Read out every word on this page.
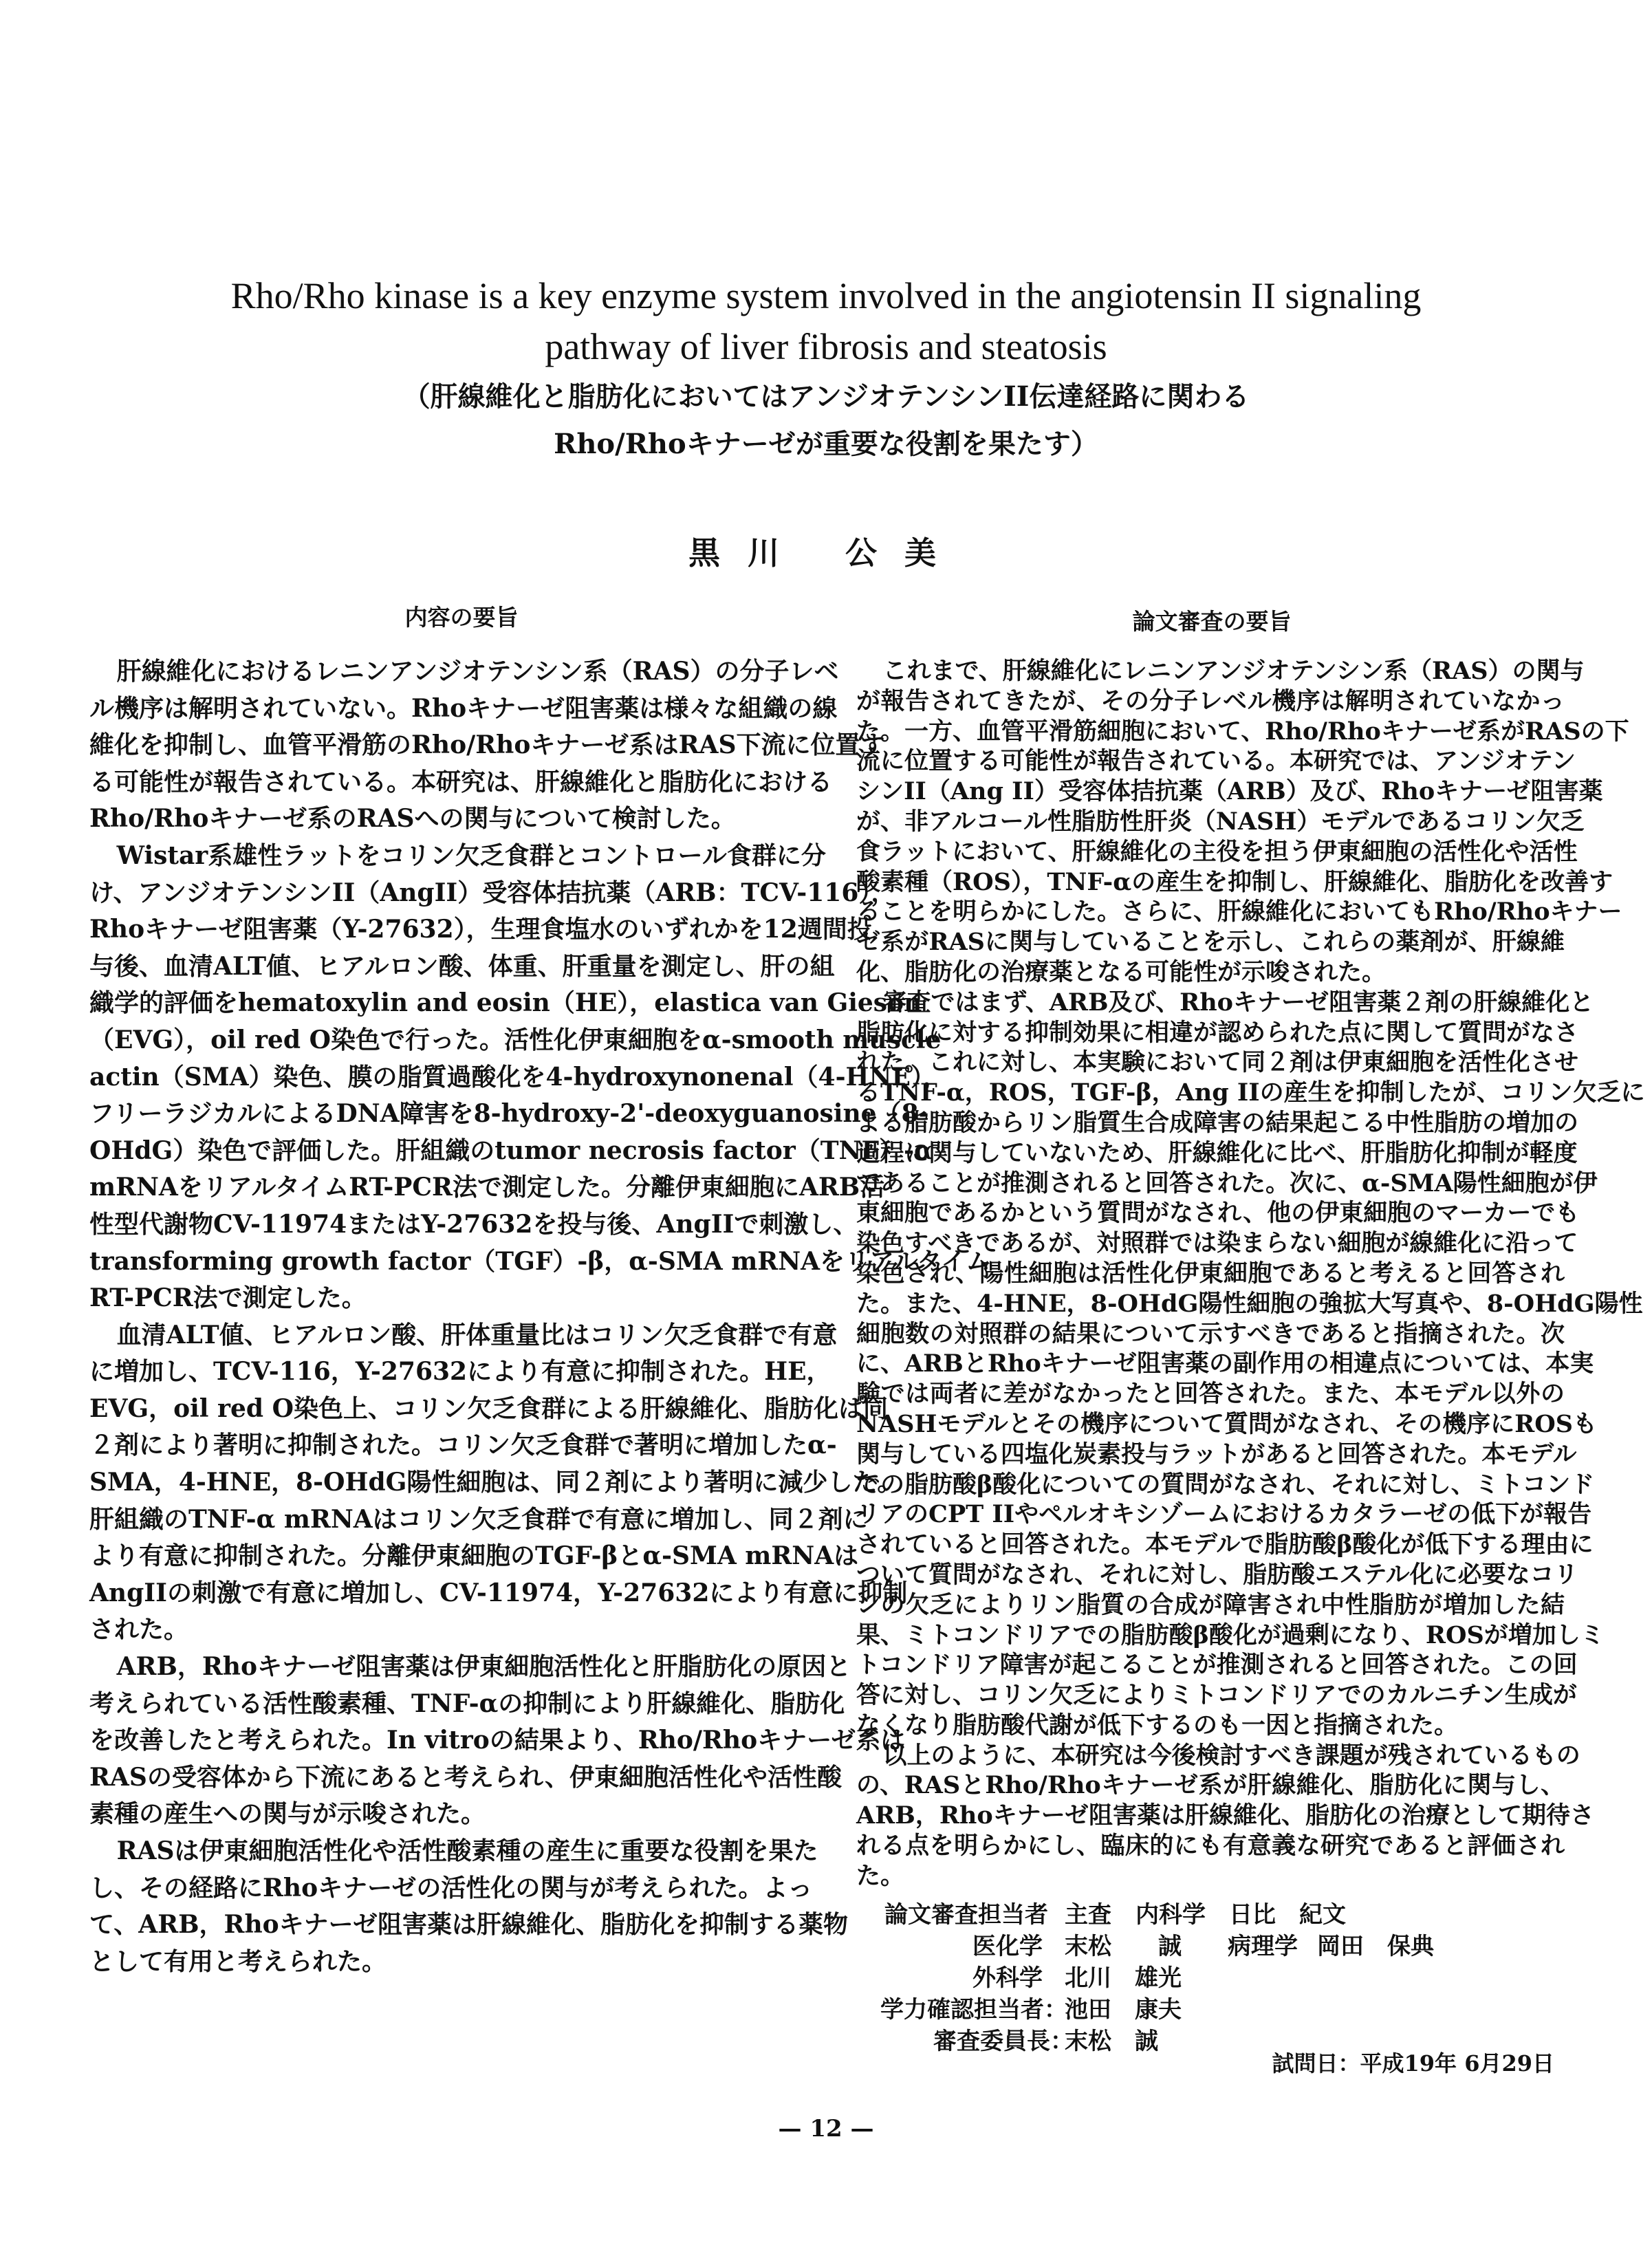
Rho/Rho kinase is a key enzyme system involved in the angiotensin II signaling
pathway of liver fibrosis and steatosis
（肝線維化と脂肪化においてはアンジオテンシンII伝達経路に関わる
Rho/Rhoキナーゼが重要な役割を果たす）
黒川 公美
内容の要旨	論文審査の要旨
肝線維化におけるレニンアンジオテンシン系（RAS）の分子レベ
ル機序は解明されていない。Rhoキナーゼ阻害薬は様々な組織の線
維化を抑制し、血管平滑筋のRho/Rhoキナーゼ系はRAS下流に位置す
る可能性が報告されている。本研究は、肝線維化と脂肪化における
Rho/Rhoキナーゼ系のRASへの関与について検討した。
Wistar系雄性ラットをコリン欠乏食群とコントロール食群に分
け、アンジオテンシンII（AngII）受容体拮抗薬（ARB：TCV-116），
Rhoキナーゼ阻害薬（Y-27632），生理食塩水のいずれかを12週間投
与後、血清ALT値、ヒアルロン酸、体重、肝重量を測定し、肝の組
織学的評価をhematoxylin and eosin（HE），elastica van Gieson
（EVG），oil red O染色で行った。活性化伊東細胞をα-smooth muscle
actin（SMA）染色、膜の脂質過酸化を4-hydroxynonenal（4-HNE），
フリーラジカルによるDNA障害を8-hydroxy-2'-deoxyguanosine（8-
OHdG）染色で評価した。肝組織のtumor necrosis factor（TNF）-α
mRNAをリアルタイムRT-PCR法で測定した。分離伊東細胞にARB活
性型代謝物CV-11974またはY-27632を投与後、AngIIで刺激し、
transforming growth factor（TGF）-β，α-SMA mRNAをリアルタイム
RT-PCR法で測定した。
血清ALT値、ヒアルロン酸、肝体重量比はコリン欠乏食群で有意
に増加し、TCV-116，Y-27632により有意に抑制された。HE，
EVG，oil red O染色上、コリン欠乏食群による肝線維化、脂肪化は同
２剤により著明に抑制された。コリン欠乏食群で著明に増加したα-
SMA，4-HNE，8-OHdG陽性細胞は、同２剤により著明に減少した。
肝組織のTNF-α mRNAはコリン欠乏食群で有意に増加し、同２剤に
より有意に抑制された。分離伊東細胞のTGF-βとα-SMA mRNAは
AngIIの刺激で有意に増加し、CV-11974，Y-27632により有意に抑制
された。
ARB，Rhoキナーゼ阻害薬は伊東細胞活性化と肝脂肪化の原因と
考えられている活性酸素種、TNF-αの抑制により肝線維化、脂肪化
を改善したと考えられた。In vitroの結果より、Rho/Rhoキナーゼ系は
RASの受容体から下流にあると考えられ、伊東細胞活性化や活性酸
素種の産生への関与が示唆された。
RASは伊東細胞活性化や活性酸素種の産生に重要な役割を果た
し、その経路にRhoキナーゼの活性化の関与が考えられた。よっ
て、ARB，Rhoキナーゼ阻害薬は肝線維化、脂肪化を抑制する薬物
として有用と考えられた。
これまで、肝線維化にレニンアンジオテンシン系（RAS）の関与
が報告されてきたが、その分子レベル機序は解明されていなかっ
た。一方、血管平滑筋細胞において、Rho/Rhoキナーゼ系がRASの下
流に位置する可能性が報告されている。本研究では、アンジオテン
シンII（Ang II）受容体拮抗薬（ARB）及び、Rhoキナーゼ阻害薬
が、非アルコール性脂肪性肝炎（NASH）モデルであるコリン欠乏
食ラットにおいて、肝線維化の主役を担う伊東細胞の活性化や活性
酸素種（ROS），TNF-αの産生を抑制し、肝線維化、脂肪化を改善す
ることを明らかにした。さらに、肝線維化においてもRho/Rhoキナー
ゼ系がRASに関与していることを示し、これらの薬剤が、肝線維
化、脂肪化の治療薬となる可能性が示唆された。
審査ではまず、ARB及び、Rhoキナーゼ阻害薬２剤の肝線維化と
脂肪化に対する抑制効果に相違が認められた点に関して質問がなさ
れた。これに対し、本実験において同２剤は伊東細胞を活性化させ
るTNF-α，ROS，TGF-β，Ang IIの産生を抑制したが、コリン欠乏に
よる脂肪酸からリン脂質生合成障害の結果起こる中性脂肪の増加の
過程に関与していないため、肝線維化に比べ、肝脂肪化抑制が軽度
であることが推測されると回答された。次に、α-SMA陽性細胞が伊
東細胞であるかという質問がなされ、他の伊東細胞のマーカーでも
染色すべきであるが、対照群では染まらない細胞が線維化に沿って
染色され、陽性細胞は活性化伊東細胞であると考えると回答され
た。また、4-HNE，8-OHdG陽性細胞の強拡大写真や、8-OHdG陽性
細胞数の対照群の結果について示すべきであると指摘された。次
に、ARBとRhoキナーゼ阻害薬の副作用の相違点については、本実
験では両者に差がなかったと回答された。また、本モデル以外の
NASHモデルとその機序について質問がなされ、その機序にROSも
関与している四塩化炭素投与ラットがあると回答された。本モデル
での脂肪酸β酸化についての質問がなされ、それに対し、ミトコンド
リアのCPT IIやペルオキシゾームにおけるカタラーゼの低下が報告
されていると回答された。本モデルで脂肪酸β酸化が低下する理由に
ついて質問がなされ、それに対し、脂肪酸エステル化に必要なコリ
ンの欠乏によりリン脂質の合成が障害され中性脂肪が増加した結
果、ミトコンドリアでの脂肪酸β酸化が過剰になり、ROSが増加しミ
トコンドリア障害が起こることが推測されると回答された。この回
答に対し、コリン欠乏によりミトコンドリアでのカルニチン生成が
なくなり脂肪酸代謝が低下するのも一因と指摘された。
以上のように、本研究は今後検討すべき課題が残されているもの
の、RASとRho/Rhoキナーゼ系が肝線維化、脂肪化に関与し、
ARB，Rhoキナーゼ阻害薬は肝線維化、脂肪化の治療として期待さ
れる点を明らかにし、臨床的にも有意義な研究であると評価され
た。
論文審査担当者 主査 内科学 日比　紀文
医化学 末松　　誠 病理学 岡田　保典
外科学 北川　雄光
学力確認担当者：
池田　康夫
審査委員長：
末松　誠
試問日：平成19年 6月29日
— 12 —
